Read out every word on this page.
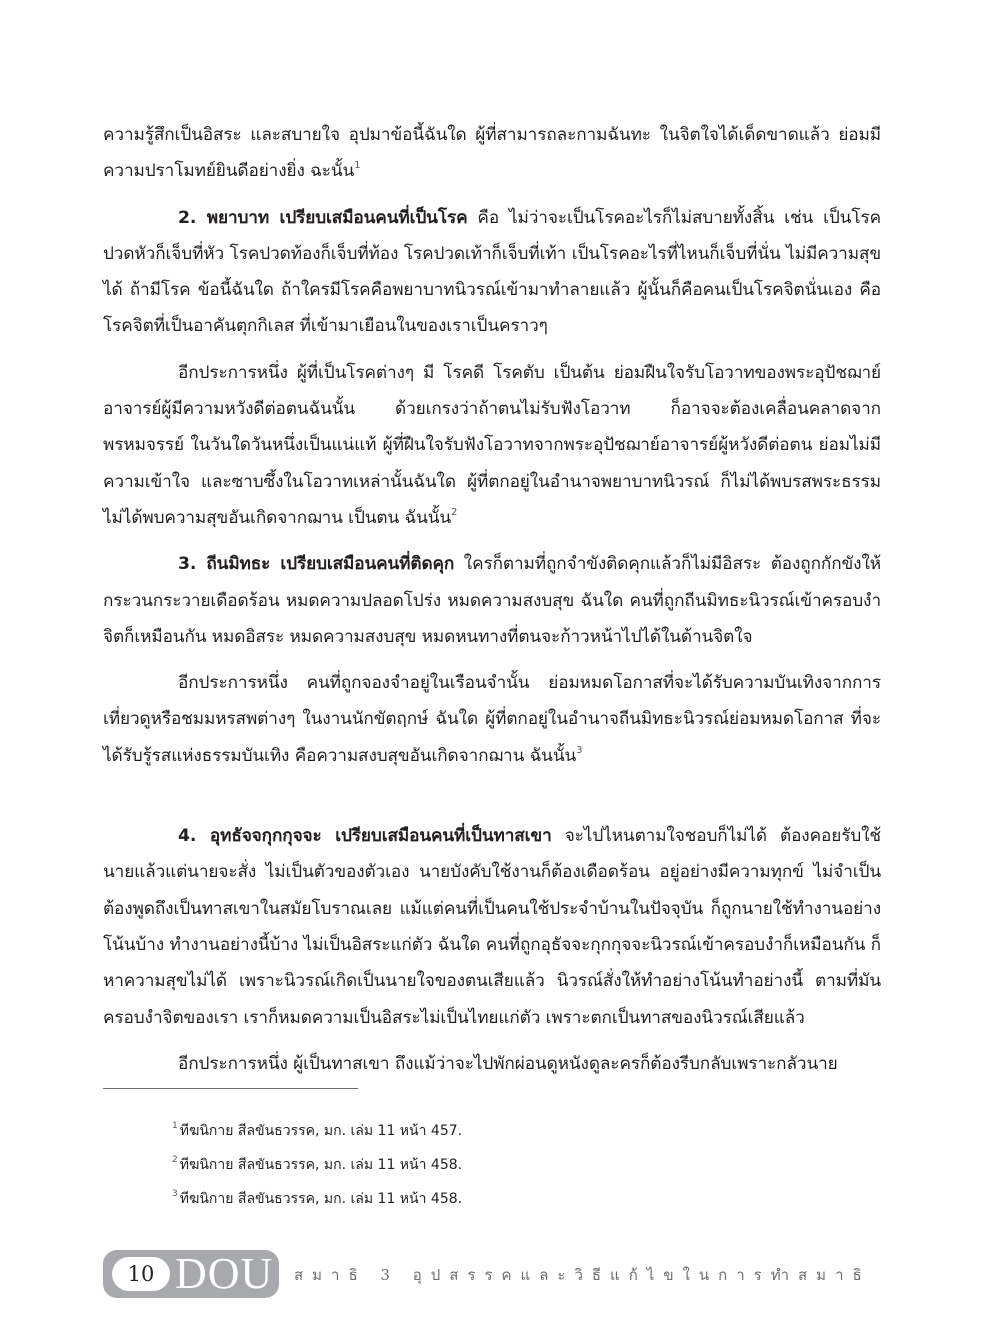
ความรู้สึกเป็นอิสระ และสบายใจ อุปมาข้อนี้ฉันใด ผู้ที่สามารถละกามฉันทะ ในจิตใจได้เด็ดขาดแล้ว ย่อมมีความปราโมทย์ยินดีอย่างยิ่ง ฉะนั้น$^1$

2. พยาบาท เปรียบเสมือนคนที่เป็นโรค คือ ไม่ว่าจะเป็นโรคอะไรก็ไม่สบายทั้งสิ้น เช่น เป็นโรคปวดหัวก็เจ็บที่หัว โรคปวดท้องก็เจ็บที่ท้อง โรคปวดเท้าก็เจ็บที่เท้า เป็นโรคอะไรที่ไหนก็เจ็บที่นั่น ไม่มีความสุขได้ ถ้ามีโรค ข้อนี้ฉันใด ถ้าใครมีโรคคือพยาบาทนิวรณ์เข้ามาทำลายแล้ว ผู้นั้นก็คือคนเป็นโรคจิตนั่นเอง คือโรคจิตที่เป็นอาคันตุกกิเลส ที่เข้ามาเยือนในของเราเป็นคราวๆ

อีกประการหนึ่ง ผู้ที่เป็นโรคต่างๆ มี โรคดี โรคตับ เป็นต้น ย่อมฝืนใจรับโอวาทของพระอุปัชฌาย์อาจารย์ผู้มีความหวังดีต่อตนฉันนั้น ด้วยเกรงว่าถ้าตนไม่รับฟังโอวาท ก็อาจจะต้องเคลื่อนคลาดจากพรหมจรรย์ ในวันใดวันหนึ่งเป็นแน่แท้ ผู้ที่ฝืนใจรับฟังโอวาทจากพระอุปัชฌาย์อาจารย์ผู้หวังดีต่อตน ย่อมไม่มีความเข้าใจ และซาบซึ้งในโอวาทเหล่านั้นฉันใด ผู้ที่ตกอยู่ในอำนาจพยาบาทนิวรณ์ ก็ไม่ได้พบรสพระธรรมไม่ได้พบความสุขอันเกิดจากฌาน เป็นตน ฉันนั้น$^2$

3. ถีนมิทธะ เปรียบเสมือนคนที่ติดคุก ใครก็ตามที่ถูกจำขังติดคุกแล้วก็ไม่มีอิสระ ต้องถูกกักขังให้กระวนกระวายเดือดร้อน หมดความปลอดโปร่ง หมดความสงบสุข ฉันใด คนที่ถูกถีนมิทธะนิวรณ์เข้าครอบงำจิตก็เหมือนกัน หมดอิสระ หมดความสงบสุข หมดหนทางที่ตนจะก้าวหน้าไปได้ในด้านจิตใจ

อีกประการหนึ่ง คนที่ถูกจองจำอยู่ในเรือนจำนั้น ย่อมหมดโอกาสที่จะได้รับความบันเทิงจากการเที่ยวดูหรือชมมหรสพต่างๆ ในงานนักขัตฤกษ์ ฉันใด ผู้ที่ตกอยู่ในอำนาจถีนมิทธะนิวรณ์ย่อมหมดโอกาส ที่จะได้รับรู้รสแห่งธรรมบันเทิง คือความสงบสุขอันเกิดจากฌาน ฉันนั้น$^3$

4. อุทธัจจกุกกุจจะ เปรียบเสมือนคนที่เป็นทาสเขา จะไปไหนตามใจชอบก็ไม่ได้ ต้องคอยรับใช้นายแล้วแต่นายจะสั่ง ไม่เป็นตัวของตัวเอง นายบังคับใช้งานก็ต้องเดือดร้อน อยู่อย่างมีความทุกข์ ไม่จำเป็นต้องพูดถึงเป็นทาสเขาในสมัยโบราณเลย แม้แต่คนที่เป็นคนใช้ประจำบ้านในปัจจุบัน ก็ถูกนายใช้ทำงานอย่างโน้นบ้าง ทำงานอย่างนี้บ้าง ไม่เป็นอิสระแก่ตัว ฉันใด คนที่ถูกอุธัจจะกุกกุจจะนิวรณ์เข้าครอบงำก็เหมือนกัน ก็หาความสุขไม่ได้ เพราะนิวรณ์เกิดเป็นนายใจของตนเสียแล้ว นิวรณ์สั่งให้ทำอย่างโน้นทำอย่างนี้ ตามที่มันครอบงำจิตของเรา เราก็หมดความเป็นอิสระไม่เป็นไทยแก่ตัว เพราะตกเป็นทาสของนิวรณ์เสียแล้ว

อีกประการหนึ่ง ผู้เป็นทาสเขา ถึงแม้ว่าจะไปพักผ่อนดูหนังดูละครก็ต้องรีบกลับเพราะกลัวนาย

$^1$ ทีฆนิกาย สีลขันธวรรค, มก. เล่ม 11 หน้า 457.
$^2$ ทีฆนิกาย สีลขันธวรรค, มก. เล่ม 11 หน้า 458.
$^3$ ทีฆนิกาย สีลขันธวรรค, มก. เล่ม 11 หน้า 458.
10 DOU สมาธิ 3 อุปสรรคและวิธีแก้ไขในการทำสมาธิ
